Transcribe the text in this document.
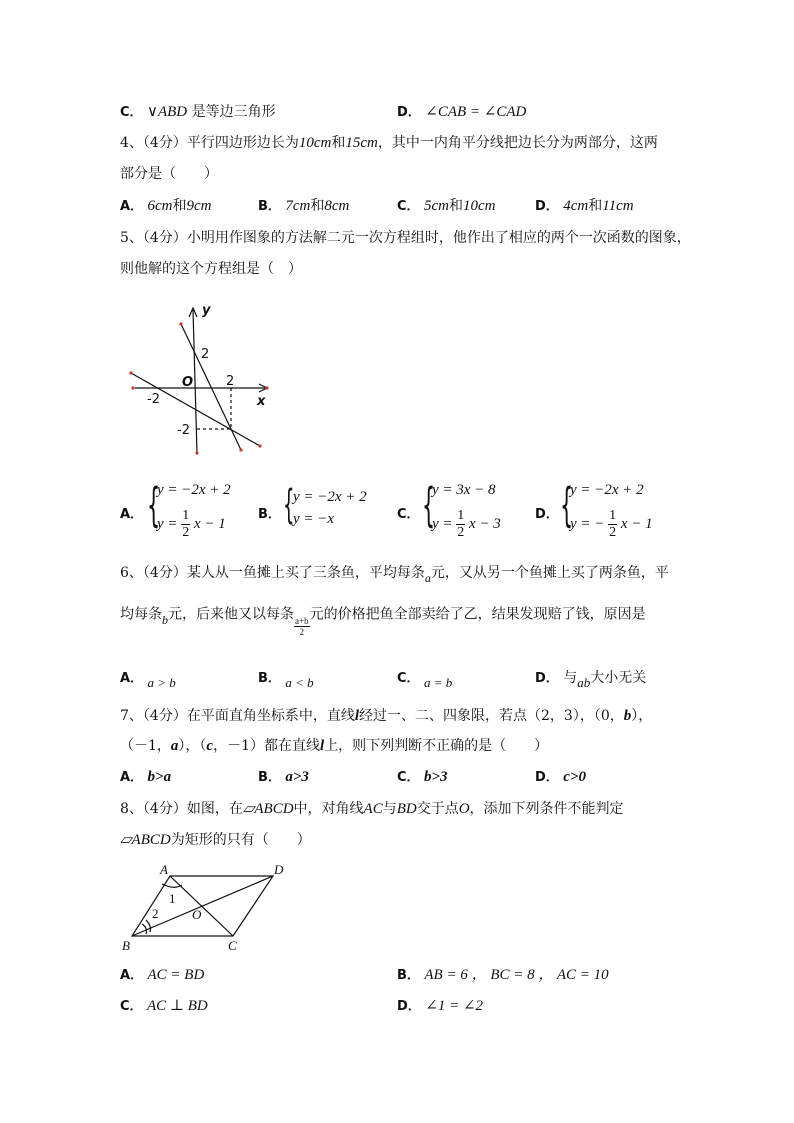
C． ∨ABD 是等边三角形	D． ∠CAB = ∠CAD
4、（4分）平行四边形边长为10cm和15cm，其中一内角平分线把边长分为两部分，这两
部分是（　　）
A． 6cm和9cm	B． 7cm和8cm	C． 5cm和10cm	D． 4cm和11cm
5、（4分）小明用作图象的方法解二元一次方程组时，他作出了相应的两个一次函数的图象，
则他解的这个方程组是（　）
y
x
O
2
2
-2
-2
A． {
y = −2x + 2
$y = \frac{1}{2}$ x − 1
B． {
y = −2x + 2
y = −x	C． {
y = 3x − 8
$y = \frac{1}{2}$ x − 3
D． {
y = −2x + 2
y = − $\frac{1}{2}$ x − 1
6、（4分）某人从一鱼摊上买了三条鱼，平均每条a元，又从另一个鱼摊上买了两条鱼，平
均每条b元，后来他又以每条
$\frac{a+b}{2}$
元的价格把鱼全部卖给了乙，结果发现赔了钱，原因是
A． a > b	B． a < b	C． a = b	D． 与ab大小无关
7、（4分）在平面直角坐标系中，直线l经过一、二、四象限，若点（2，3），（0，b），
（－1，a），（c，－1）都在直线l上，则下列判断不正确的是（　　）
A． b>a	B． a>3	C． b>3	D． c>0
8、（4分）如图，在⏥ABCD中，对角线AC与BD交于点O，添加下列条件不能判定
⏥ABCD为矩形的只有（　　）
A	D
B	C
O
1
2
A． AC = BD	B． AB = 6 ， BC = 8 ， AC = 10
C． AC ⊥ BD	D． ∠1 = ∠2
